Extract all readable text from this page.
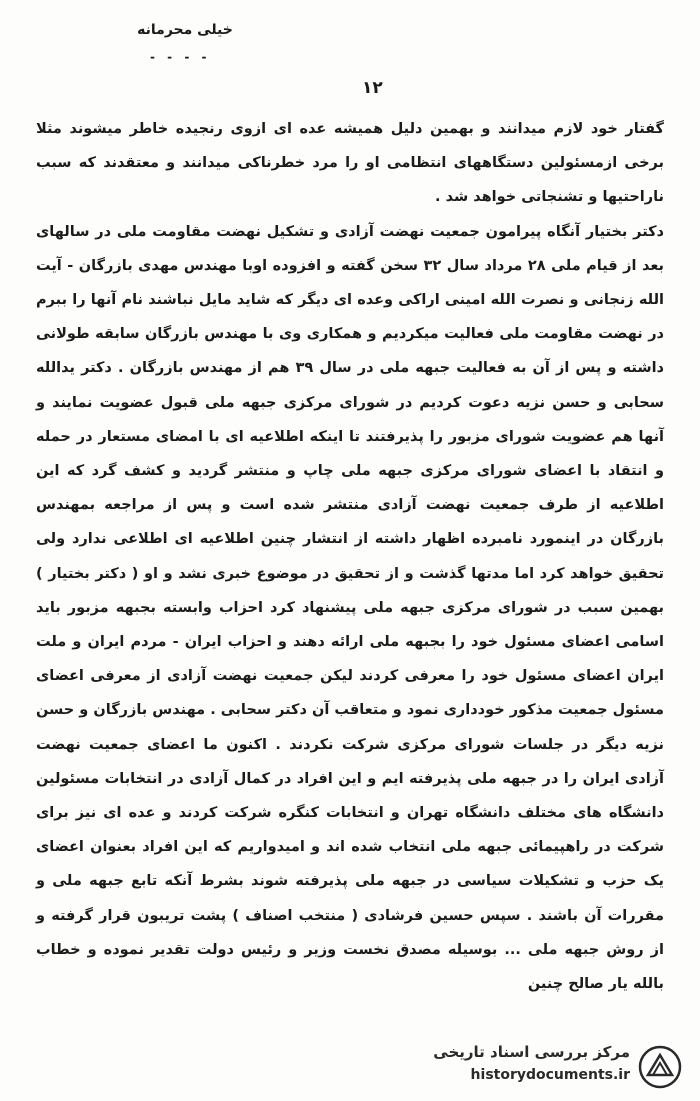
خیلی محرمانه
- - - -
١٢

گفتار خود لازم میدانند و بهمین دلیل همیشه عده ای ازوی رنجیده خاطر میشوند مثلا برخی ازمسئولین دستگاههای انتظامی او را مرد خطرناکی میدانند و معتقدند که سبب ناراحتیها و تشنجاتی خواهد شد .

دکتر بختیار آنگاه پیرامون جمعیت نهضت آزادی و تشکیل نهضت مقاومت ملی در سالهای بعد از قیام ملی ۲۸ مرداد سال ۳۲ سخن گفته و افزوده اوبا مهندس مهدی بازرگان - آیت الله زنجانی و نصرت الله امینی اراکی وعده ای دیگر که شاید مایل نباشند نام آنها را ببرم در نهضت مقاومت ملی فعالیت میکردیم و همکاری وی با مهندس بازرگان سابقه طولانی داشته و پس از آن به فعالیت جبهه ملی در سال ۳۹ هم از مهندس بازرگان . دکتر یدالله سحابی و حسن نزیه دعوت کردیم در شورای مرکزی جبهه ملی قبول عضویت نمایند و آنها هم عضویت شورای مزبور را پذیرفتند تا اینکه اطلاعیه ای با امضای مستعار در حمله و انتقاد با اعضای شورای مرکزی جبهه ملی چاپ و منتشر گردید و کشف گرد که این اطلاعیه از طرف جمعیت نهضت آزادی منتشر شده است و پس از مراجعه بمهندس بازرگان در اینمورد نامبرده اظهار داشته از انتشار چنین اطلاعیه ای اطلاعی ندارد ولی تحقیق خواهد کرد اما مدتها گذشت و از تحقیق در موضوع خبری نشد و او ( دکتر بختیار ) بهمین سبب در شورای مرکزی جبهه ملی پیشنهاد کرد احزاب وابسته بجبهه مزبور باید اسامی اعضای مسئول خود را بجبهه ملی ارائه دهند و احزاب ایران - مردم ایران و ملت ایران اعضای مسئول خود را معرفی کردند لیکن جمعیت نهضت آزادی از معرفی اعضای مسئول جمعیت مذکور خودداری نمود و متعاقب آن دکتر سحابی . مهندس بازرگان و حسن نزیه دیگر در جلسات شورای مرکزی شرکت نکردند . اکنون ما اعضای جمعیت نهضت آزادی ایران را در جبهه ملی پذیرفته ایم و این افراد در کمال آزادی در انتخابات مسئولین دانشگاه های مختلف دانشگاه تهران و انتخابات کنگره شرکت کردند و عده ای نیز برای شرکت در راهپیمائی جبهه ملی انتخاب شده اند و امیدواریم که این افراد بعنوان اعضای یک حزب و تشکیلات سیاسی در جبهه ملی پذیرفته شوند بشرط آنکه تابع جبهه ملی و مقررات آن باشند . سپس حسین فرشادی ( منتخب اصناف ) پشت تریبون قرار گرفته و از روش جبهه ملی ... بوسیله مصدق نخست وزیر و رئیس دولت تقدیر نموده و خطاب بالله یار صالح چنین

مرکز بررسی اسناد تاریخی
historydocuments.ir
